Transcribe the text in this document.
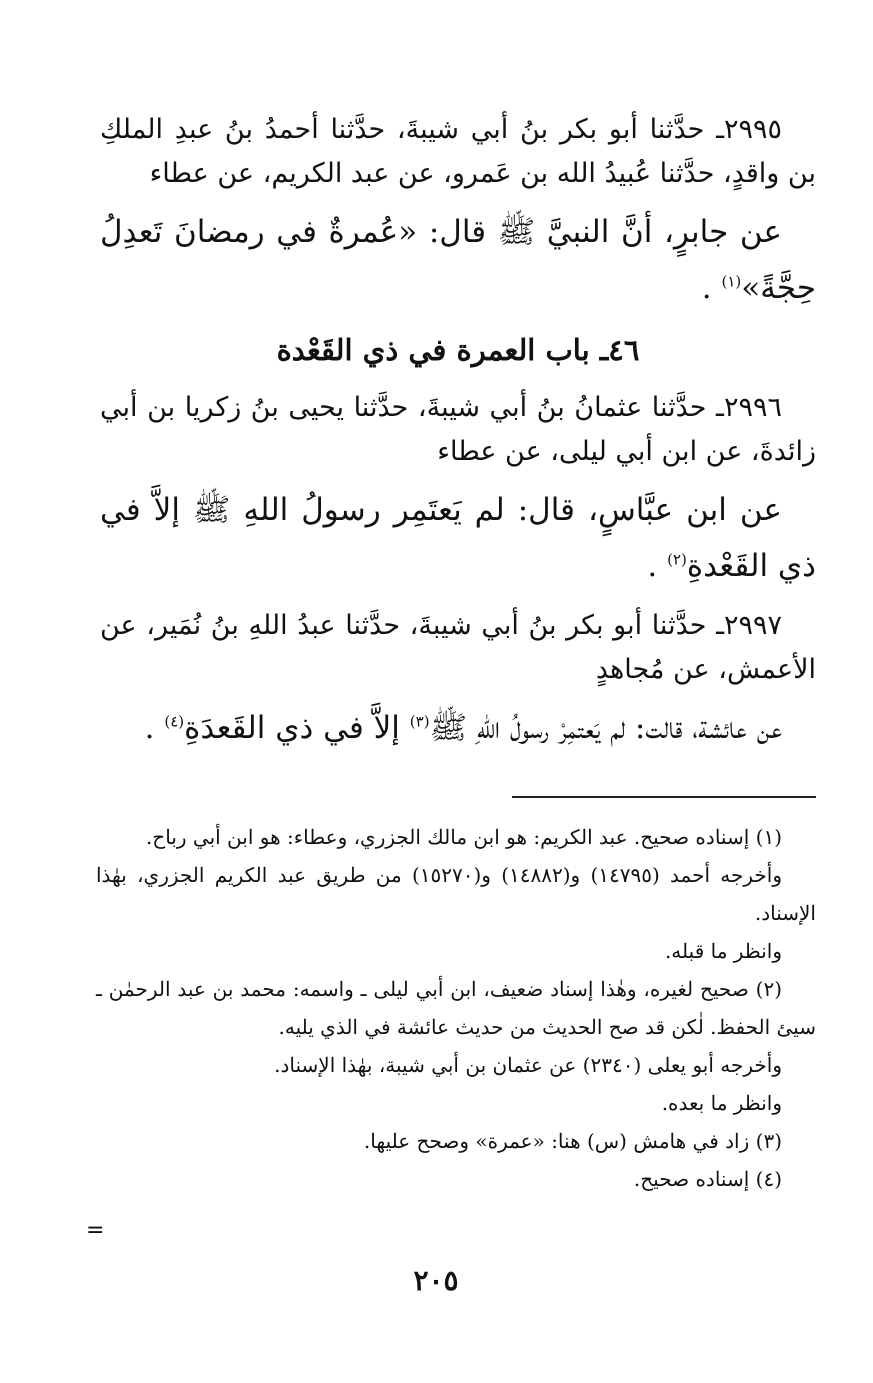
٢٩٩٥ـ حدَّثنا أبو بكر بنُ أبي شيبةَ، حدَّثنا أحمدُ بنُ عبدِ الملكِ بن واقدٍ، حدَّثنا عُبيدُ الله بن عَمرو، عن عبد الكريم، عن عطاء

عن جابرٍ، أنَّ النبيَّ ﷺ قال: «عُمرةٌ في رمضانَ تَعدِلُ حِجَّةً»$^{(١)}$ .

٤٦ـ باب العمرة في ذي القَعْدة

٢٩٩٦ـ حدَّثنا عثمانُ بنُ أبي شيبةَ، حدَّثنا يحيى بنُ زكريا بن أبي زائدةَ، عن ابن أبي ليلى، عن عطاء

عن ابن عبَّاسٍ، قال: لم يَعتَمِر رسولُ اللهِ ﷺ إلاَّ في ذي القَعْدةِ$^{(٢)}$ .

٢٩٩٧ـ حدَّثنا أبو بكر بنُ أبي شيبةَ، حدَّثنا عبدُ اللهِ بنُ نُمَير، عن الأعمش، عن مُجاهدٍ

عن عائشة، قالت: لم يَعتمِرْ رسولُ اللهِ ﷺ$^{(٣)}$ إلاَّ في ذي القَعدَةِ$^{(٤)}$ .

(١) إسناده صحيح. عبد الكريم: هو ابن مالك الجزري، وعطاء: هو ابن أبي رباح.

وأخرجه أحمد (١٤٧٩٥) و(١٤٨٨٢) و(١٥٢٧٠) من طريق عبد الكريم الجزري، بهٰذا الإسناد.

وانظر ما قبله.

(٢) صحيح لغيره، وهٰذا إسناد ضعيف، ابن أبي ليلى ـ واسمه: محمد بن عبد الرحمٰن ـ سيئ الحفظ. لٰكن قد صح الحديث من حديث عائشة في الذي يليه.

وأخرجه أبو يعلى (٢٣٤٠) عن عثمان بن أبي شيبة، بهٰذا الإسناد.

وانظر ما بعده.

(٣) زاد في هامش (س) هنا: «عمرة» وصحح عليها.

(٤) إسناده صحيح.

=
٢٠٥
